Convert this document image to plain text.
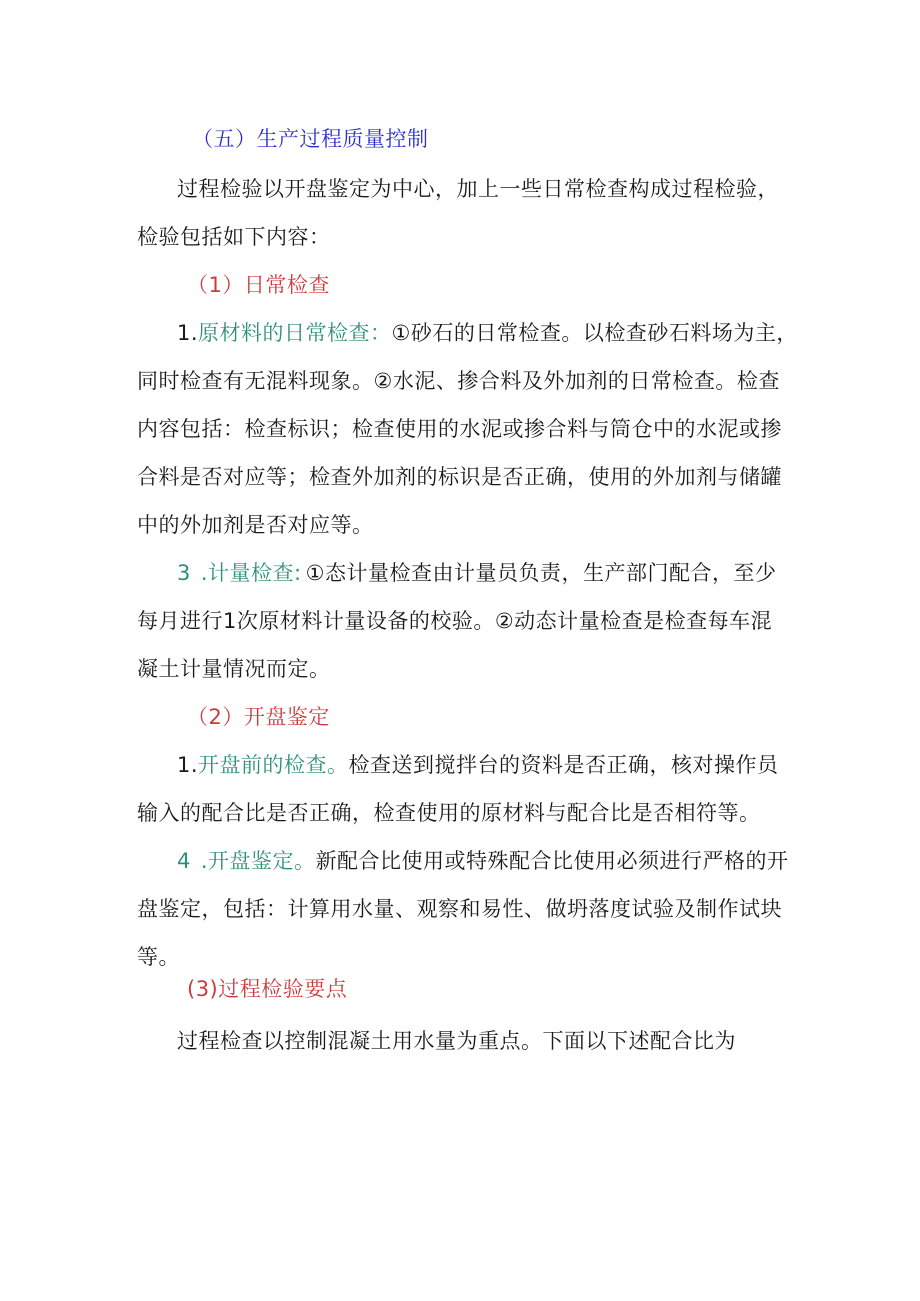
（五）生产过程质量控制
过程检验以开盘鉴定为中心，加上一些日常检查构成过程检验，
检验包括如下内容：
（1）日常检查
1.原材料的日常检查：①砂石的日常检查。以检查砂石料场为主，
同时检查有无混料现象。②水泥、掺合料及外加剂的日常检查。检查
内容包括：检查标识；检查使用的水泥或掺合料与筒仓中的水泥或掺
合料是否对应等；检查外加剂的标识是否正确，使用的外加剂与储罐
中的外加剂是否对应等。
3 .计量检查: ①态计量检查由计量员负责，生产部门配合，至少
每月进行1次原材料计量设备的校验。②动态计量检查是检查每车混
凝土计量情况而定。
（2）开盘鉴定
1.开盘前的检查。检查送到搅拌台的资料是否正确，核对操作员
输入的配合比是否正确，检查使用的原材料与配合比是否相符等。
4 .开盘鉴定。新配合比使用或特殊配合比使用必须进行严格的开
盘鉴定，包括：计算用水量、观察和易性、做坍落度试验及制作试块
等。
(3)过程检验要点
过程检查以控制混凝土用水量为重点。下面以下述配合比为
